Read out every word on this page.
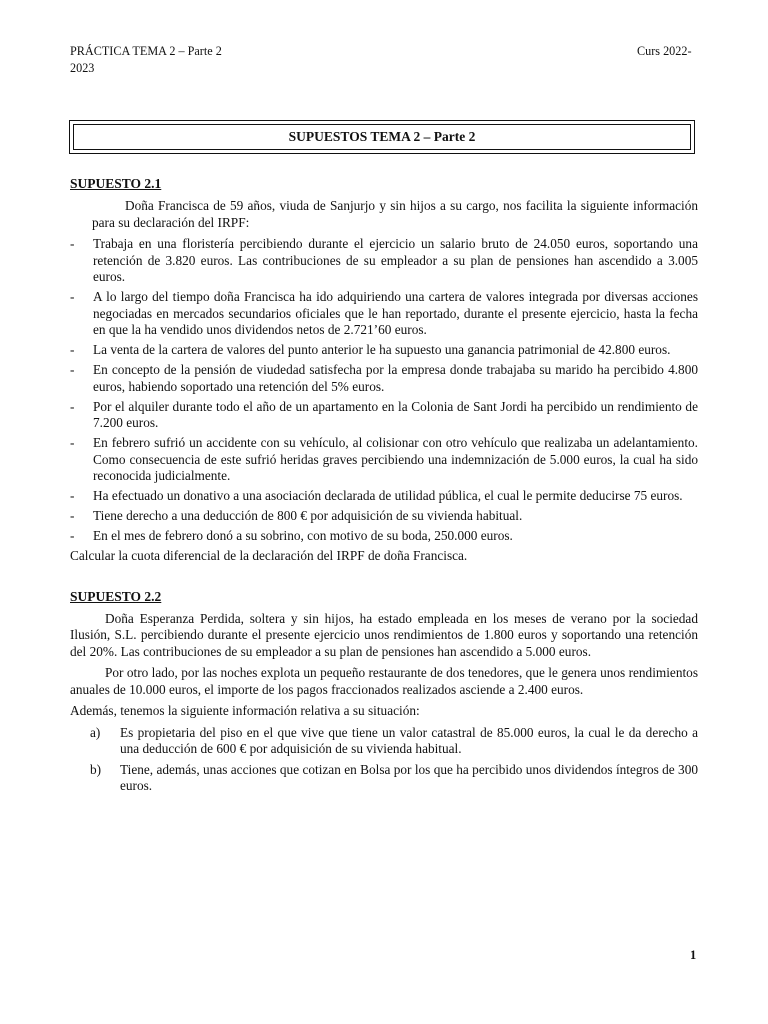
PRÁCTICA TEMA 2 – Parte 2
2023
Curs 2022-
SUPUESTOS TEMA 2 – Parte 2
SUPUESTO 2.1

Doña Francisca de 59 años, viuda de Sanjurjo y sin hijos a su cargo, nos facilita la siguiente información para su declaración del IRPF:

- Trabaja en una floristería percibiendo durante el ejercicio un salario bruto de 24.050 euros, soportando una retención de 3.820 euros. Las contribuciones de su empleador a su plan de pensiones han ascendido a 3.005 euros.
- A lo largo del tiempo doña Francisca ha ido adquiriendo una cartera de valores integrada por diversas acciones negociadas en mercados secundarios oficiales que le han reportado, durante el presente ejercicio, hasta la fecha en que la ha vendido unos dividendos netos de 2.721’60 euros.
- La venta de la cartera de valores del punto anterior le ha supuesto una ganancia patrimonial de 42.800 euros.
- En concepto de la pensión de viudedad satisfecha por la empresa donde trabajaba su marido ha percibido 4.800 euros, habiendo soportado una retención del 5% euros.
- Por el alquiler durante todo el año de un apartamento en la Colonia de Sant Jordi ha percibido un rendimiento de 7.200 euros.
- En febrero sufrió un accidente con su vehículo, al colisionar con otro vehículo que realizaba un adelantamiento. Como consecuencia de este sufrió heridas graves percibiendo una indemnización de 5.000 euros, la cual ha sido reconocida judicialmente.
- Ha efectuado un donativo a una asociación declarada de utilidad pública, el cual le permite deducirse 75 euros.
- Tiene derecho a una deducción de 800 € por adquisición de su vivienda habitual.
- En el mes de febrero donó a su sobrino, con motivo de su boda, 250.000 euros.

Calcular la cuota diferencial de la declaración del IRPF de doña Francisca.

SUPUESTO 2.2

Doña Esperanza Perdida, soltera y sin hijos, ha estado empleada en los meses de verano por la sociedad Ilusión, S.L. percibiendo durante el presente ejercicio unos rendimientos de 1.800 euros y soportando una retención del 20%. Las contribuciones de su empleador a su plan de pensiones han ascendido a 5.000 euros.

Por otro lado, por las noches explota un pequeño restaurante de dos tenedores, que le genera unos rendimientos anuales de 10.000 euros, el importe de los pagos fraccionados realizados asciende a 2.400 euros.

Además, tenemos la siguiente información relativa a su situación:

a) Es propietaria del piso en el que vive que tiene un valor catastral de 85.000 euros, la cual le da derecho a una deducción de 600 € por adquisición de su vivienda habitual.
b) Tiene, además, unas acciones que cotizan en Bolsa por los que ha percibido unos dividendos íntegros de 300 euros.
1
